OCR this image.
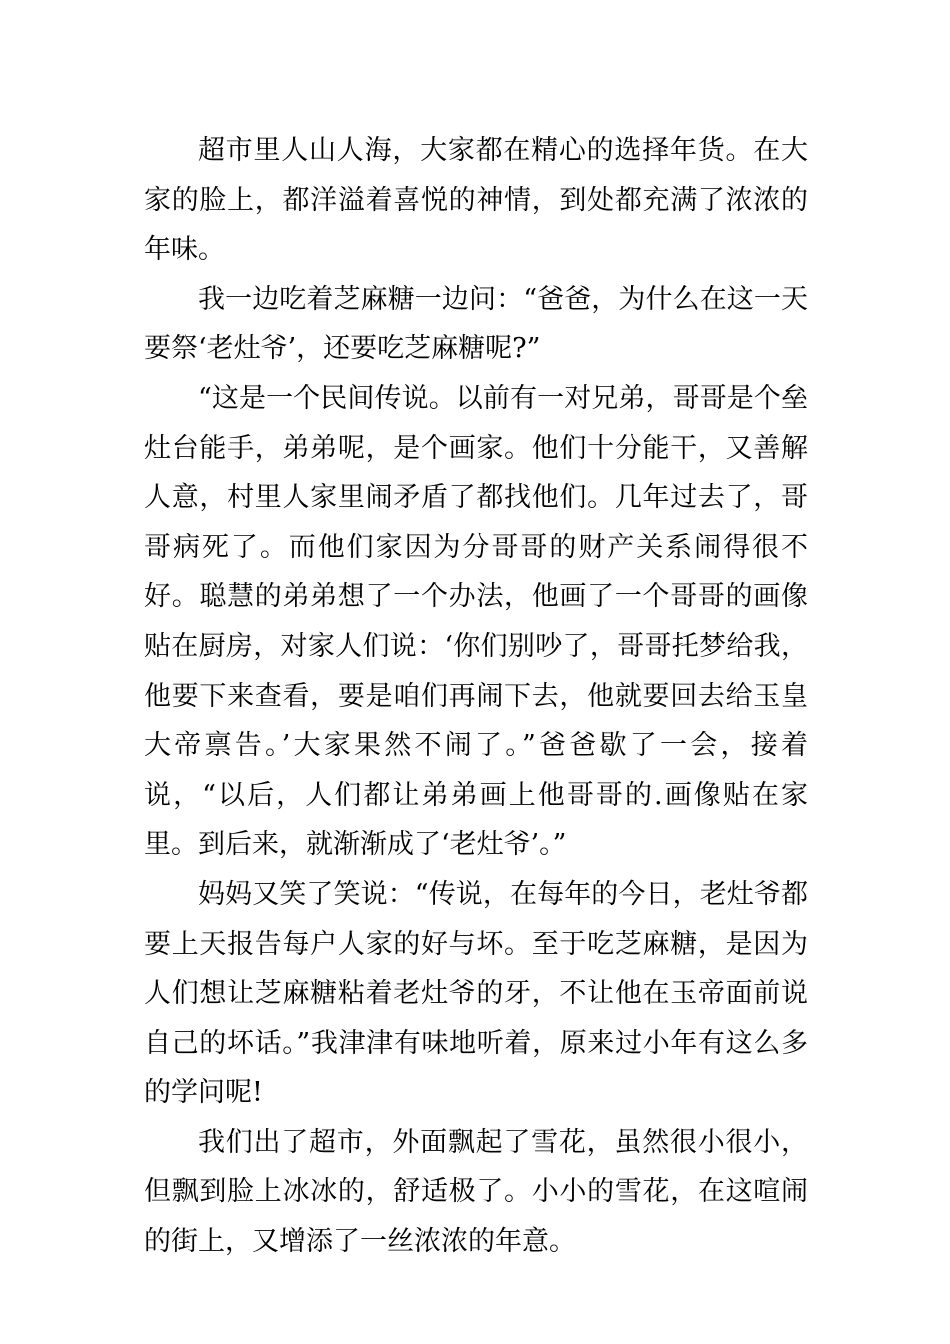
超市里人山人海，大家都在精心的选择年货。在大家的脸上，都洋溢着喜悦的神情，到处都充满了浓浓的年味。

我一边吃着芝麻糖一边问：“爸爸，为什么在这一天要祭‘老灶爷’，还要吃芝麻糖呢?”

“这是一个民间传说。以前有一对兄弟，哥哥是个垒灶台能手，弟弟呢，是个画家。他们十分能干，又善解人意，村里人家里闹矛盾了都找他们。几年过去了，哥哥病死了。而他们家因为分哥哥的财产关系闹得很不好。聪慧的弟弟想了一个办法，他画了一个哥哥的画像贴在厨房，对家人们说：‘你们别吵了，哥哥托梦给我，他要下来查看，要是咱们再闹下去，他就要回去给玉皇大帝禀告。’大家果然不闹了。”爸爸歇了一会，接着说，“以后，人们都让弟弟画上他哥哥的.画像贴在家里。到后来，就渐渐成了‘老灶爷’。”

妈妈又笑了笑说：“传说，在每年的今日，老灶爷都要上天报告每户人家的好与坏。至于吃芝麻糖，是因为人们想让芝麻糖粘着老灶爷的牙，不让他在玉帝面前说自己的坏话。”我津津有味地听着，原来过小年有这么多的学问呢!

我们出了超市，外面飘起了雪花，虽然很小很小，但飘到脸上冰冰的，舒适极了。小小的雪花，在这喧闹的街上，又增添了一丝浓浓的年意。
